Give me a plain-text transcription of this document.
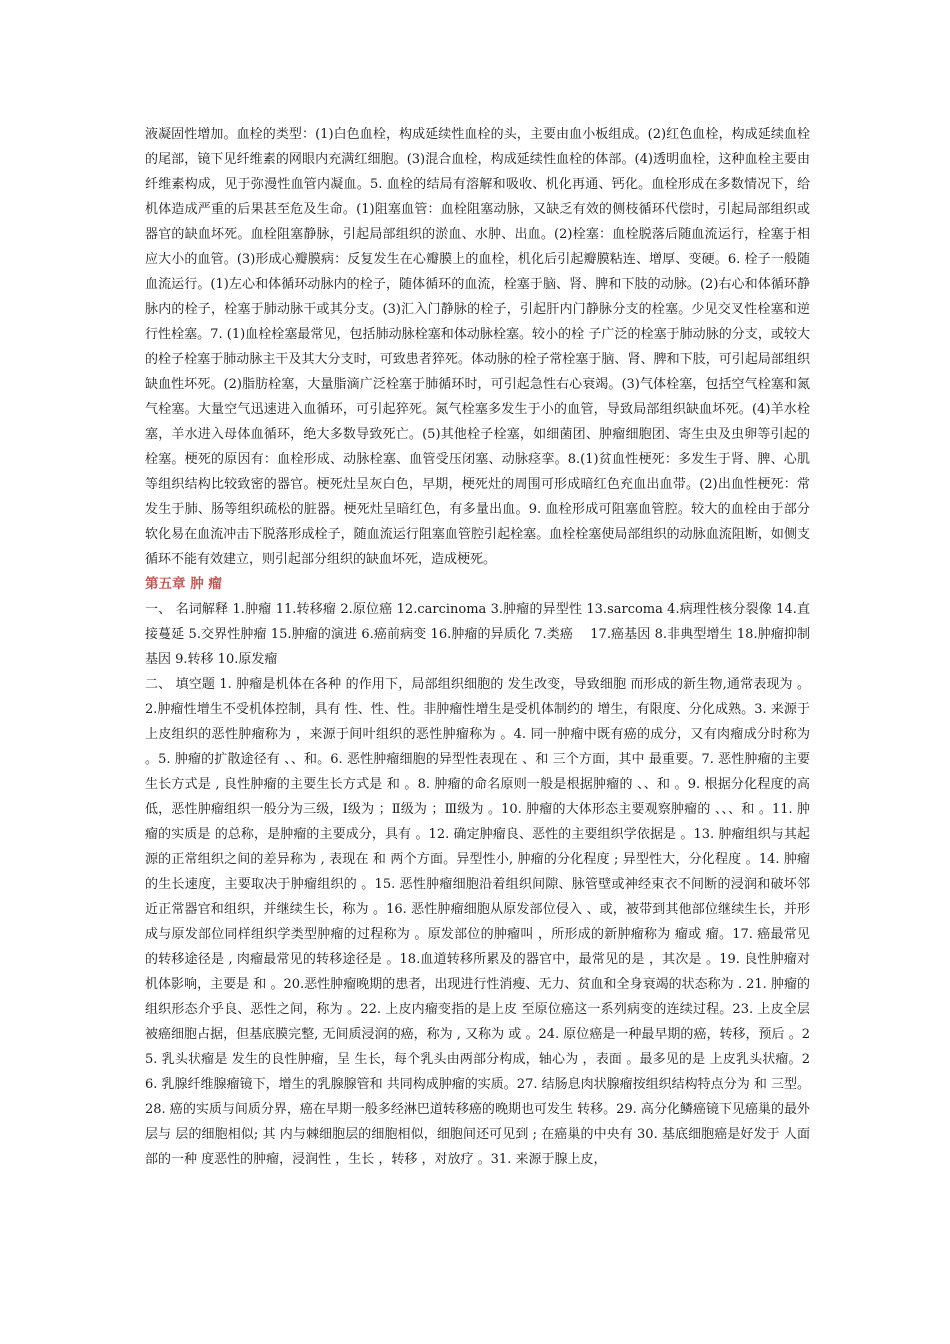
液凝固性增加。血栓的类型：(1)白色血栓，构成延续性血栓的头，主要由血小板组成。(2)红色血栓，构成延续血栓的尾部，镜下见纤维素的网眼内充满红细胞。(3)混合血栓，构成延续性血栓的体部。(4)透明血栓，这种血栓主要由纤维素构成，见于弥漫性血管内凝血。5. 血栓的结局有溶解和吸收、机化再通、钙化。血栓形成在多数情况下，给机体造成严重的后果甚至危及生命。(1)阻塞血管：血栓阻塞动脉，又缺乏有效的侧枝循环代偿时，引起局部组织或器官的缺血坏死。血栓阻塞静脉，引起局部组织的淤血、水肿、出血。(2)栓塞：血栓脱落后随血流运行，栓塞于相应大小的血管。(3)形成心瓣膜病：反复发生在心瓣膜上的血栓，机化后引起瓣膜粘连、增厚、变硬。6. 栓子一般随血流运行。(1)左心和体循环动脉内的栓子，随体循环的血流，栓塞于脑、肾、脾和下肢的动脉。(2)右心和体循环静脉内的栓子，栓塞于肺动脉干或其分支。(3)汇入门静脉的栓子，引起肝内门静脉分支的栓塞。少见交叉性栓塞和逆行性栓塞。7. (1)血栓栓塞最常见，包括肺动脉栓塞和体动脉栓塞。较小的栓 子广泛的栓塞于肺动脉的分支，或较大的栓子栓塞于肺动脉主干及其大分支时，可致患者猝死。体动脉的栓子常栓塞于脑、肾、脾和下肢，可引起局部组织缺血性坏死。(2)脂肪栓塞，大量脂滴广泛栓塞于肺循环时，可引起急性右心衰竭。(3)气体栓塞，包括空气栓塞和氮气栓塞。大量空气迅速进入血循环，可引起猝死。氮气栓塞多发生于小的血管，导致局部组织缺血坏死。(4)羊水栓塞，羊水进入母体血循环，绝大多数导致死亡。(5)其他栓子栓塞，如细菌团、肿瘤细胞团、寄生虫及虫卵等引起的栓塞。梗死的原因有：血栓形成、动脉栓塞、血管受压闭塞、动脉痉挛。8.(1)贫血性梗死：多发生于肾、脾、心肌等组织结构比较致密的器官。梗死灶呈灰白色，早期，梗死灶的周围可形成暗红色充血出血带。(2)出血性梗死：常发生于肺、肠等组织疏松的脏器。梗死灶呈暗红色，有多量出血。9. 血栓形成可阻塞血管腔。较大的血栓由于部分软化易在血流冲击下脱落形成栓子，随血流运行阻塞血管腔引起栓塞。血栓栓塞使局部组织的动脉血流阻断，如侧支循环不能有效建立，则引起部分组织的缺血坏死，造成梗死。

第五章 肿 瘤

一、 名词解释 1.肿瘤 11.转移瘤 2.原位癌 12.carcinoma 3.肿瘤的异型性 13.sarcoma 4.病理性核分裂像 14.直接蔓延 5.交界性肿瘤 15.肿瘤的演进 6.癌前病变 16.肿瘤的异质化 7.类癌　 17.癌基因 8.非典型增生 18.肿瘤抑制基因 9.转移 10.原发瘤

二、 填空题 1. 肿瘤是机体在各种 的作用下，局部组织细胞的 发生改变，导致细胞 而形成的新生物,通常表现为 。2.肿瘤性增生不受机体控制，具有 性、性、性。非肿瘤性增生是受机体制约的 增生，有限度、分化成熟。3. 来源于上皮组织的恶性肿瘤称为 ，来源于间叶组织的恶性肿瘤称为 。4. 同一肿瘤中既有癌的成分，又有肉瘤成分时称为 。5. 肿瘤的扩散途径有 、、和。6. 恶性肿瘤细胞的异型性表现在 、和 三个方面，其中 最重要。7. 恶性肿瘤的主要生长方式是 , 良性肿瘤的主要生长方式是 和 。8. 肿瘤的命名原则一般是根据肿瘤的 、、和 。9. 根据分化程度的高低，恶性肿瘤组织一般分为三级，Ⅰ级为 ；Ⅱ级为 ；Ⅲ级为 。10. 肿瘤的大体形态主要观察肿瘤的 、、、和 。11. 肿瘤的实质是 的总称，是肿瘤的主要成分，具有 。12. 确定肿瘤良、恶性的主要组织学依据是 。13. 肿瘤组织与其起源的正常组织之间的差异称为 , 表现在 和 两个方面。异型性小, 肿瘤的分化程度 ; 异型性大，分化程度 。14. 肿瘤的生长速度，主要取决于肿瘤组织的 。15. 恶性肿瘤细胞沿着组织间隙、脉管壁或神经束衣不间断的浸润和破坏邻近正常器官和组织，并继续生长，称为 。16. 恶性肿瘤细胞从原发部位侵入 、或，被带到其他部位继续生长，并形成与原发部位同样组织学类型肿瘤的过程称为 。原发部位的肿瘤叫 ，所形成的新肿瘤称为 瘤或 瘤。17. 癌最常见的转移途径是 , 肉瘤最常见的转移途径是 。18.血道转移所累及的器官中，最常见的是 ，其次是 。19. 良性肿瘤对机体影响，主要是 和 。20.恶性肿瘤晚期的患者，出现进行性消瘦、无力、贫血和全身衰竭的状态称为 . 21. 肿瘤的组织形态介乎良、恶性之间，称为 。22. 上皮内瘤变指的是上皮 至原位癌这一系列病变的连续过程。23. 上皮全层被癌细胞占据，但基底膜完整, 无间质浸润的癌，称为 , 又称为 或 。24. 原位癌是一种最早期的癌，转移，预后 。25. 乳头状瘤是 发生的良性肿瘤，呈 生长，每个乳头由两部分构成，轴心为 ，表面 。最多见的是 上皮乳头状瘤。26. 乳腺纤维腺瘤镜下，增生的乳腺腺管和 共同构成肿瘤的实质。27. 结肠息肉状腺瘤按组织结构特点分为 和 三型。28. 癌的实质与间质分界，癌在早期一般多经淋巴道转移癌的晚期也可发生 转移。29. 高分化鳞癌镜下见癌巢的最外层与 层的细胞相似; 其 内与棘细胞层的细胞相似，细胞间还可见到 ; 在癌巢的中央有 30. 基底细胞癌是好发于 人面部的一种 度恶性的肿瘤，浸润性 ，生长 ，转移 ，对放疗 。31. 来源于腺上皮，
